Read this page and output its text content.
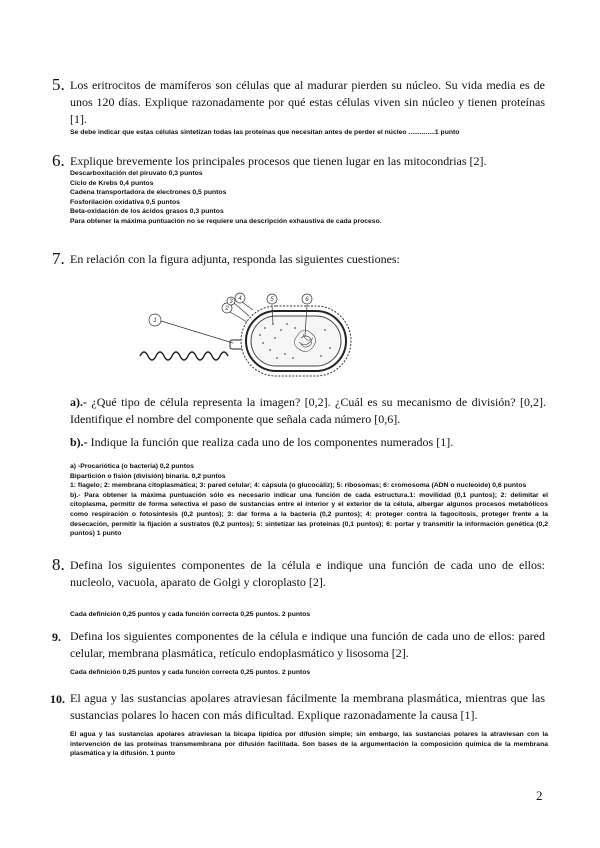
5. Los eritrocitos de mamíferos son células que al madurar pierden su núcleo. Su vida media es de unos 120 días. Explique razonadamente por qué estas células viven sin núcleo y tienen proteínas [1].
Se debe indicar que estas células sintetizan todas las proteínas que necesitan antes de perder el núcleo ..............1 punto
6. Explique brevemente los principales procesos que tienen lugar en las mitocondrias [2].
Descarboxilación del piruvato 0,3 puntos
Ciclo de Krebs 0,4 puntos
Cadena transportadora de electrones 0,5 puntos
Fosforilación oxidativa 0,5 puntos
Beta-oxidación de los ácidos grasos 0,3 puntos
Para obtener la máxima puntuación no se requiere una descripción exhaustiva de cada proceso.
7. En relación con la figura adjunta, responda las siguientes cuestiones:
1
2
3 4	5	6
a).- ¿Qué tipo de célula representa la imagen? [0,2]. ¿Cuál es su mecanismo de división? [0,2]. Identifique el nombre del componente que señala cada número [0,6].
b).- Indique la función que realiza cada uno de los componentes numerados [1].
a) -Procariótica (o bacteria) 0,2 puntos
Bipartición o fisión (división) binaria. 0,2 puntos
1: flagelo; 2: membrana citoplasmática; 3: pared celular; 4: cápsula (o glucocáliz); 5: ribosomas; 6: cromosoma (ADN o nucleoide) 0,6 puntos
b).- Para obtener la máxima puntuación sólo es necesario indicar una función de cada estructura.1: movilidad (0,1 puntos); 2: delimitar el citoplasma, permitir de forma selectiva el paso de sustancias entre el interior y el exterior de la célula, albergar algunos procesos metabólicos como respiración o fotosíntesis (0,2 puntos); 3: dar forma a la bacteria (0,2 puntos); 4: proteger contra la fagocitosis, proteger frente a la desecación, permitir la fijación a sustratos (0,2 puntos); 5: sintetizar las proteínas (0,1 puntos); 6: portar y transmitir la información genética (0,2 puntos) 1 punto
8. Defina los siguientes componentes de la célula e indique una función de cada uno de ellos: nucleolo, vacuola, aparato de Golgi y cloroplasto [2].
Cada definición 0,25 puntos y cada función correcta 0,25 puntos. 2 puntos
9. Defina los siguientes componentes de la célula e indique una función de cada uno de ellos: pared celular, membrana plasmática, retículo endoplasmático y lisosoma [2].
Cada definición 0,25 puntos y cada función correcta 0,25 puntos. 2 puntos
10. El agua y las sustancias apolares atraviesan fácilmente la membrana plasmática, mientras que las sustancias polares lo hacen con más dificultad. Explique razonadamente la causa [1].
El agua y las sustancias apolares atraviesan la bicapa lipídica por difusión simple; sin embargo, las sustancias polares la atraviesan con la intervención de las proteínas transmembrana por difusión facilitada. Son bases de la argumentación la composición química de la membrana plasmática y la difusión. 1 punto
2
